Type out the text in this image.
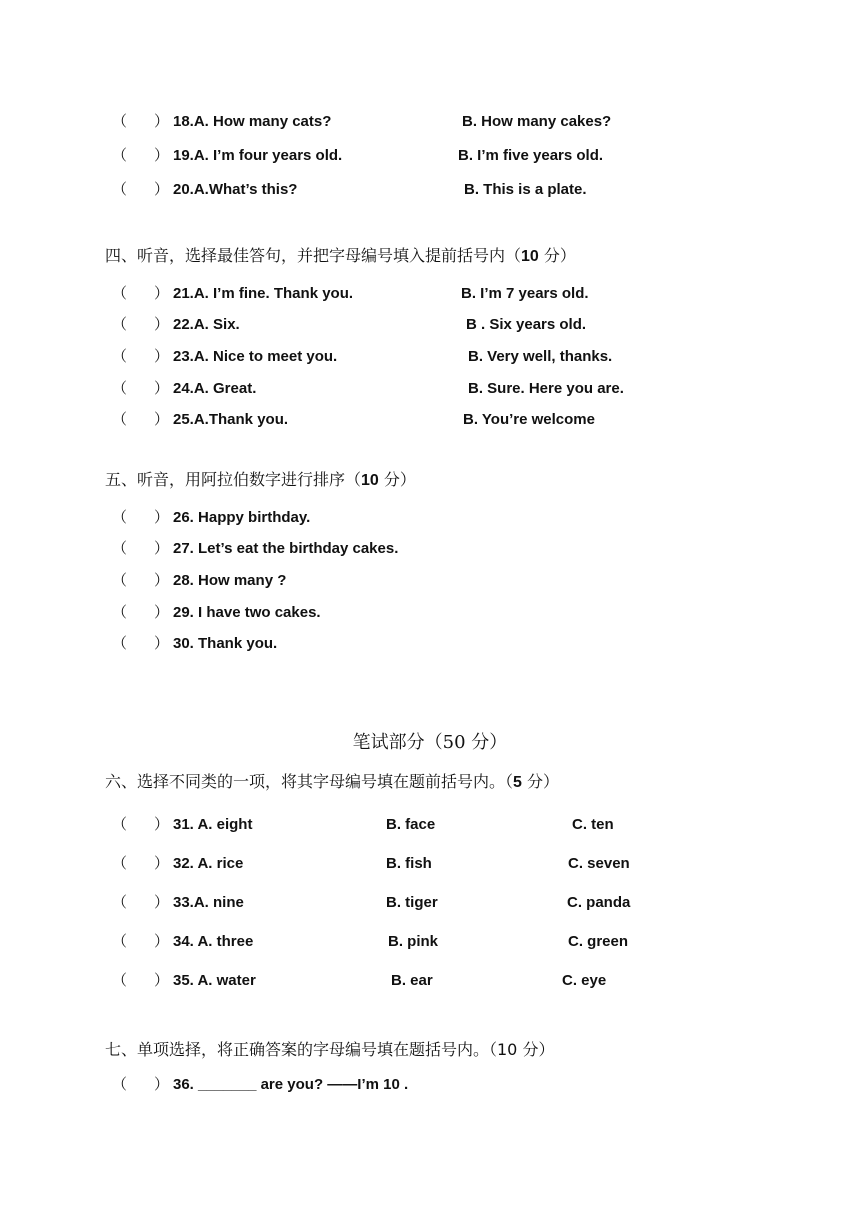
（ ） 18.A. How many cats?	B. How many cakes?
（ ） 19.A. I’m four years old.	B. I’m five years old.
（ ） 20.A.What’s this?	B. This is a plate.
四、听音，选择最佳答句，并把字母编号填入提前括号内（10 分）
（ ） 21.A. I’m fine. Thank you.	B. I’m 7 years old.
（ ） 22.A. Six.	B . Six years old.
（ ） 23.A. Nice to meet you.	B. Very well, thanks.
（ ） 24.A. Great.	B. Sure. Here you are.
（ ） 25.A.Thank you.	B. You’re welcome
五、听音，用阿拉伯数字进行排序（10 分）
（ ） 26. Happy birthday.
（ ） 27. Let’s eat the birthday cakes.
（ ） 28. How many ?
（ ） 29. I have two cakes.
（ ） 30. Thank you.
笔试部分（50 分）
六、选择不同类的一项，将其字母编号填在题前括号内。（5 分）
（ ） 31. A. eight	B. face	C. ten
（ ） 32. A. rice	B. fish	C. seven
（ ） 33.A. nine	B. tiger	C. panda
（ ） 34. A. three	B. pink	C. green
（ ） 35. A. water	B. ear	C. eye
七、单项选择，将正确答案的字母编号填在题括号内。（10 分）
（ ） 36. _______ are you? ——I’m 10 .
